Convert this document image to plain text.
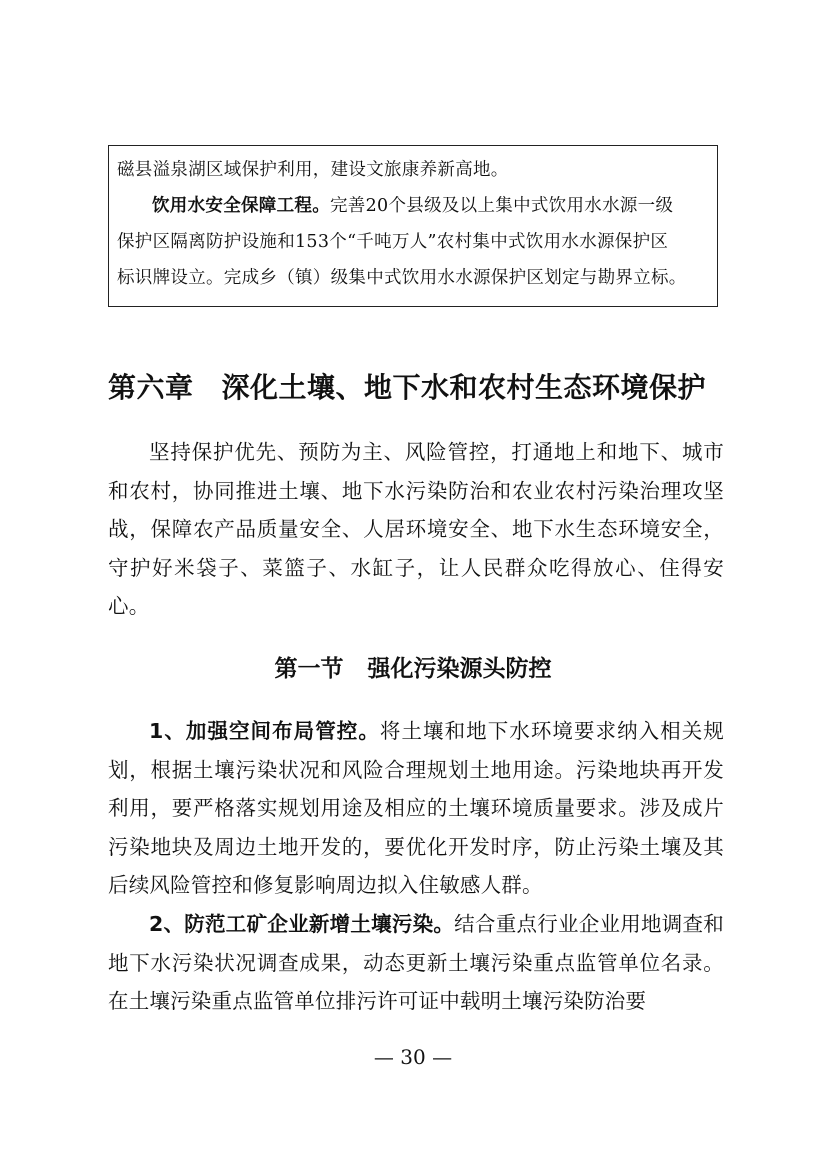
磁县溢泉湖区域保护利用，建设文旅康养新高地。

饮用水安全保障工程。完善20个县级及以上集中式饮用水水源一级

保护区隔离防护设施和153个“千吨万人”农村集中式饮用水水源保护区

标识牌设立。完成乡（镇）级集中式饮用水水源保护区划定与勘界立标。

第六章 深化土壤、地下水和农村生态环境保护

坚持保护优先、预防为主、风险管控，打通地上和地下、城市和农村，协同推进土壤、地下水污染防治和农业农村污染治理攻坚战，保障农产品质量安全、人居环境安全、地下水生态环境安全，守护好米袋子、菜篮子、水缸子，让人民群众吃得放心、住得安心。

第一节 强化污染源头防控

1、加强空间布局管控。将土壤和地下水环境要求纳入相关规划，根据土壤污染状况和风险合理规划土地用途。污染地块再开发利用，要严格落实规划用途及相应的土壤环境质量要求。涉及成片污染地块及周边土地开发的，要优化开发时序，防止污染土壤及其后续风险管控和修复影响周边拟入住敏感人群。

2、防范工矿企业新增土壤污染。结合重点行业企业用地调查和地下水污染状况调查成果，动态更新土壤污染重点监管单位名录。在土壤污染重点监管单位排污许可证中载明土壤污染防治要

— 30 —
